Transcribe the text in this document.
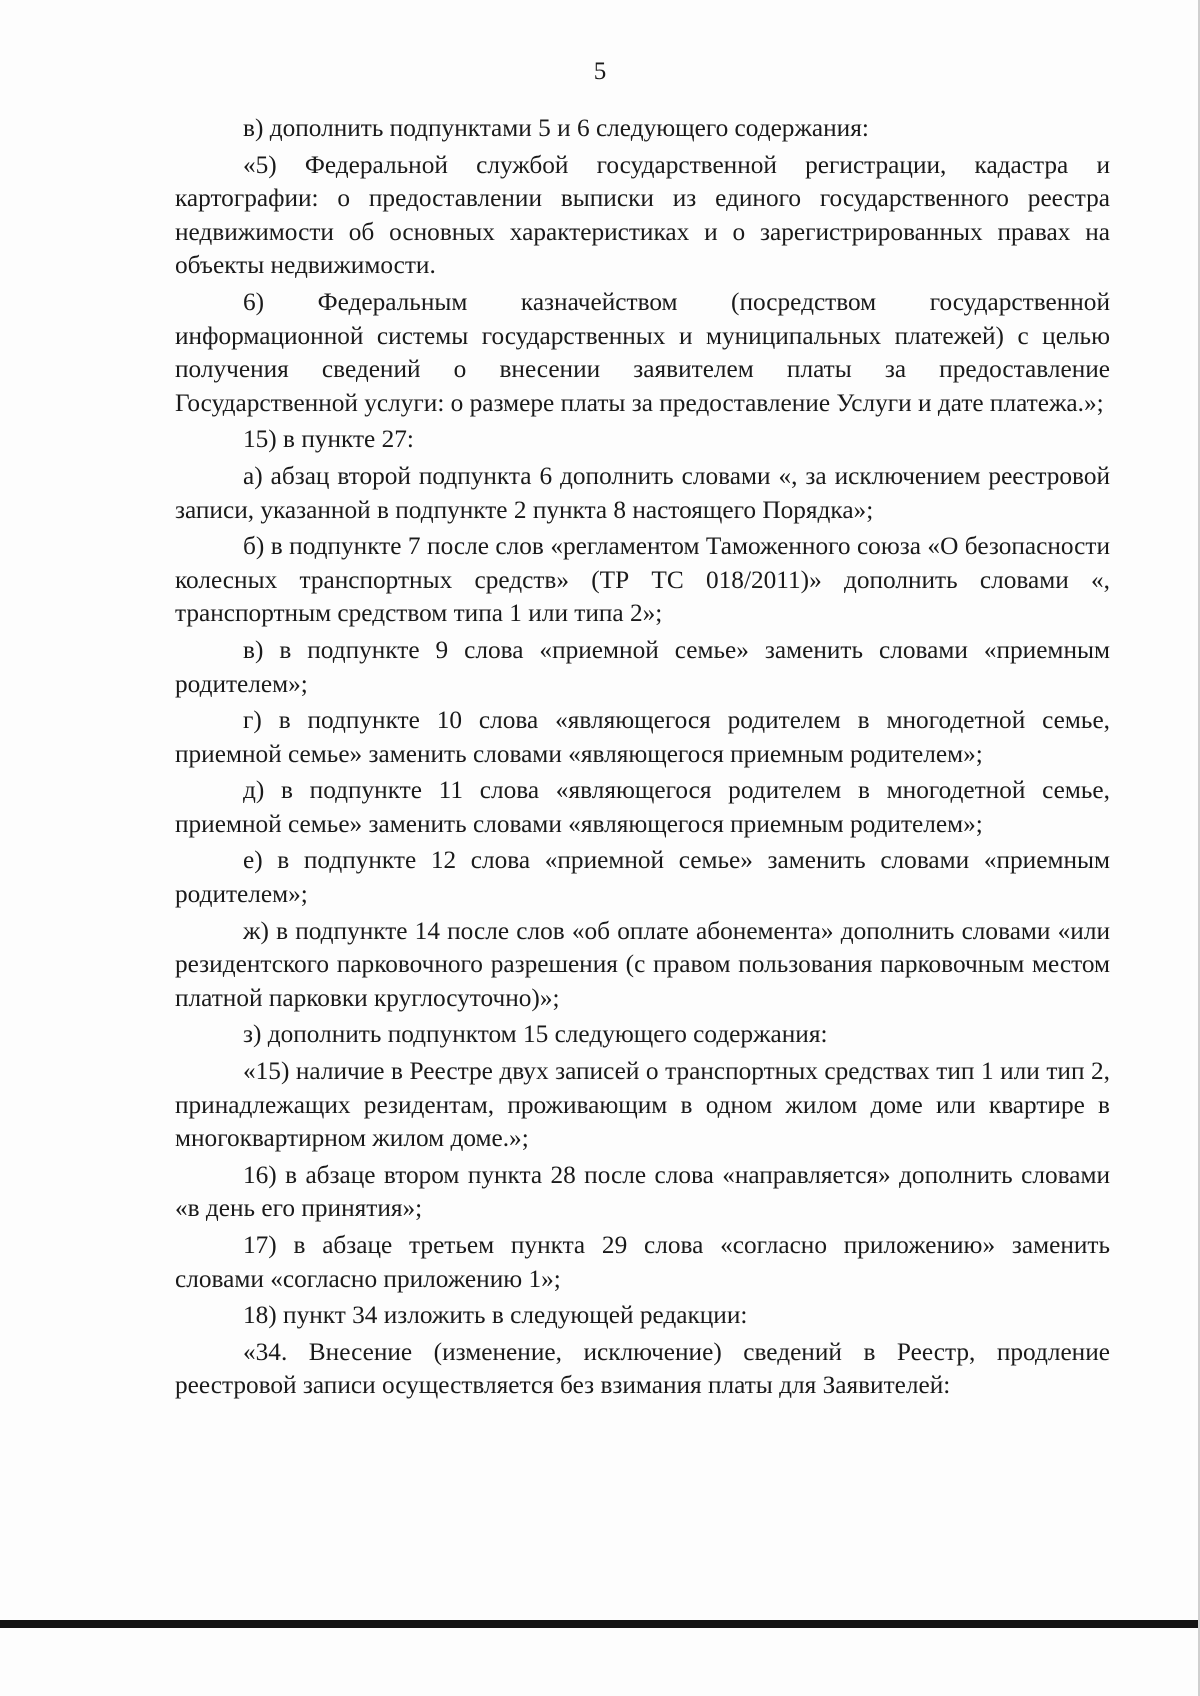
5

в) дополнить подпунктами 5 и 6 следующего содержания:

«5) Федеральной службой государственной регистрации, кадастра и картографии: о предоставлении выписки из единого государственного реестра недвижимости об основных характеристиках и о зарегистрированных правах на объекты недвижимости.

6) Федеральным казначейством (посредством государственной информационной системы государственных и муниципальных платежей) с целью получения сведений о внесении заявителем платы за предоставление Государственной услуги: о размере платы за предоставление Услуги и дате платежа.»;

15) в пункте 27:

а) абзац второй подпункта 6 дополнить словами «, за исключением реестровой записи, указанной в подпункте 2 пункта 8 настоящего Порядка»;

б) в подпункте 7 после слов «регламентом Таможенного союза «О безопасности колесных транспортных средств» (ТР ТС 018/2011)» дополнить словами «, транспортным средством типа 1 или типа 2»;

в) в подпункте 9 слова «приемной семье» заменить словами «приемным родителем»;

г) в подпункте 10 слова «являющегося родителем в многодетной семье, приемной семье» заменить словами «являющегося приемным родителем»;

д) в подпункте 11 слова «являющегося родителем в многодетной семье, приемной семье» заменить словами «являющегося приемным родителем»;

е) в подпункте 12 слова «приемной семье» заменить словами «приемным родителем»;

ж) в подпункте 14 после слов «об оплате абонемента» дополнить словами «или резидентского парковочного разрешения (с правом пользования парковочным местом платной парковки круглосуточно)»;

з) дополнить подпунктом 15 следующего содержания:

«15) наличие в Реестре двух записей о транспортных средствах тип 1 или тип 2, принадлежащих резидентам, проживающим в одном жилом доме или квартире в многоквартирном жилом доме.»;

16) в абзаце втором пункта 28 после слова «направляется» дополнить словами «в день его принятия»;

17) в абзаце третьем пункта 29 слова «согласно приложению» заменить словами «согласно приложению 1»;

18) пункт 34 изложить в следующей редакции:

«34. Внесение (изменение, исключение) сведений в Реестр, продление реестровой записи осуществляется без взимания платы для Заявителей:
